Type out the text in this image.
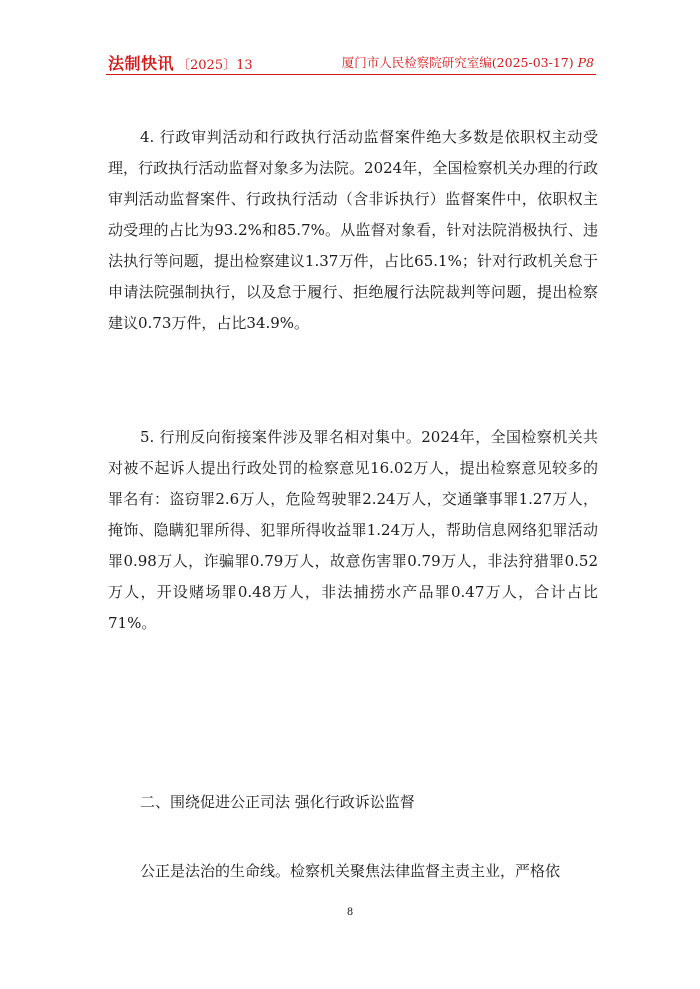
法制快讯 〔2025〕13	厦门市人民检察院研究室编(2025-03-17) P8

4. 行政审判活动和行政执行活动监督案件绝大多数是依职权主动受理，行政执行活动监督对象多为法院。2024年，全国检察机关办理的行政审判活动监督案件、行政执行活动（含非诉执行）监督案件中，依职权主动受理的占比为93.2%和85.7%。从监督对象看，针对法院消极执行、违法执行等问题，提出检察建议1.37万件，占比65.1%；针对行政机关怠于申请法院强制执行，以及怠于履行、拒绝履行法院裁判等问题，提出检察建议0.73万件，占比34.9%。

5. 行刑反向衔接案件涉及罪名相对集中。2024年，全国检察机关共对被不起诉人提出行政处罚的检察意见16.02万人，提出检察意见较多的罪名有：盗窃罪2.6万人，危险驾驶罪2.24万人，交通肇事罪1.27万人，掩饰、隐瞒犯罪所得、犯罪所得收益罪1.24万人，帮助信息网络犯罪活动罪0.98万人，诈骗罪0.79万人，故意伤害罪0.79万人，非法狩猎罪0.52万人，开设赌场罪0.48万人，非法捕捞水产品罪0.47万人，合计占比71%。

二、围绕促进公正司法 强化行政诉讼监督

公正是法治的生命线。检察机关聚焦法律监督主责主业，严格依

8
